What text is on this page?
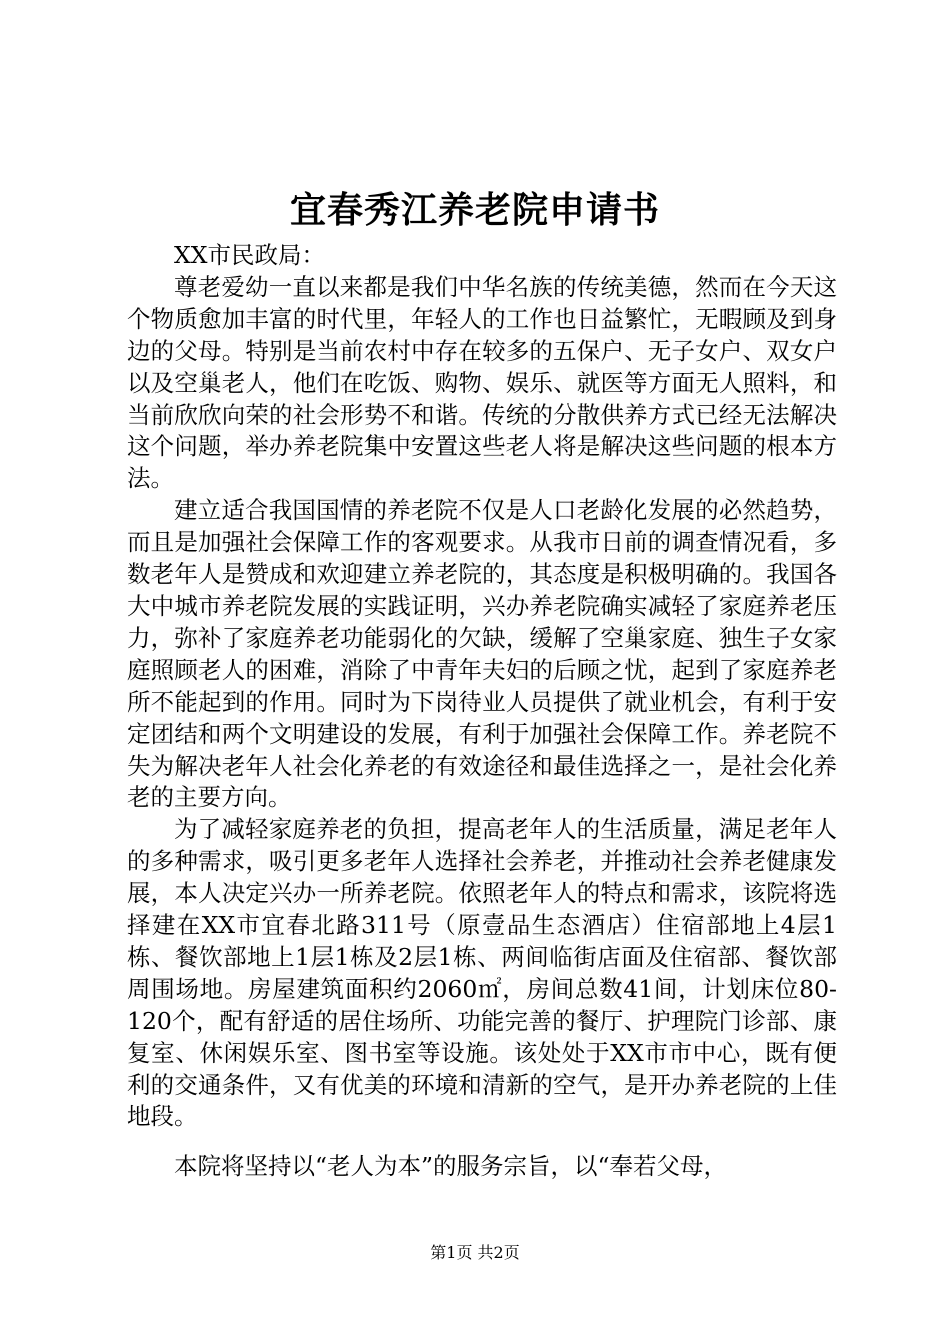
宜春秀江养老院申请书

XX市民政局：

尊老爱幼一直以来都是我们中华名族的传统美德，然而在今天这个物质愈加丰富的时代里，年轻人的工作也日益繁忙，无暇顾及到身边的父母。特别是当前农村中存在较多的五保户、无子女户、双女户以及空巢老人，他们在吃饭、购物、娱乐、就医等方面无人照料，和当前欣欣向荣的社会形势不和谐。传统的分散供养方式已经无法解决这个问题，举办养老院集中安置这些老人将是解决这些问题的根本方法。

建立适合我国国情的养老院不仅是人口老龄化发展的必然趋势，而且是加强社会保障工作的客观要求。从我市日前的调查情况看，多数老年人是赞成和欢迎建立养老院的，其态度是积极明确的。我国各大中城市养老院发展的实践证明，兴办养老院确实减轻了家庭养老压力，弥补了家庭养老功能弱化的欠缺，缓解了空巢家庭、独生子女家庭照顾老人的困难，消除了中青年夫妇的后顾之忧，起到了家庭养老所不能起到的作用。同时为下岗待业人员提供了就业机会，有利于安定团结和两个文明建设的发展，有利于加强社会保障工作。养老院不失为解决老年人社会化养老的有效途径和最佳选择之一，是社会化养老的主要方向。

为了减轻家庭养老的负担，提高老年人的生活质量，满足老年人的多种需求，吸引更多老年人选择社会养老，并推动社会养老健康发展，本人决定兴办一所养老院。依照老年人的特点和需求，该院将选择建在XX市宜春北路311号（原壹品生态酒店）住宿部地上4层1栋、餐饮部地上1层1栋及2层1栋、两间临街店面及住宿部、餐饮部周围场地。房屋建筑面积约2060㎡，房间总数41间，计划床位80-120个，配有舒适的居住场所、功能完善的餐厅、护理院门诊部、康复室、休闲娱乐室、图书室等设施。该处处于XX市市中心，既有便利的交通条件，又有优美的环境和清新的空气，是开办养老院的上佳地段。

本院将坚持以“老人为本”的服务宗旨，以“奉若父母，

第1页 共2页
